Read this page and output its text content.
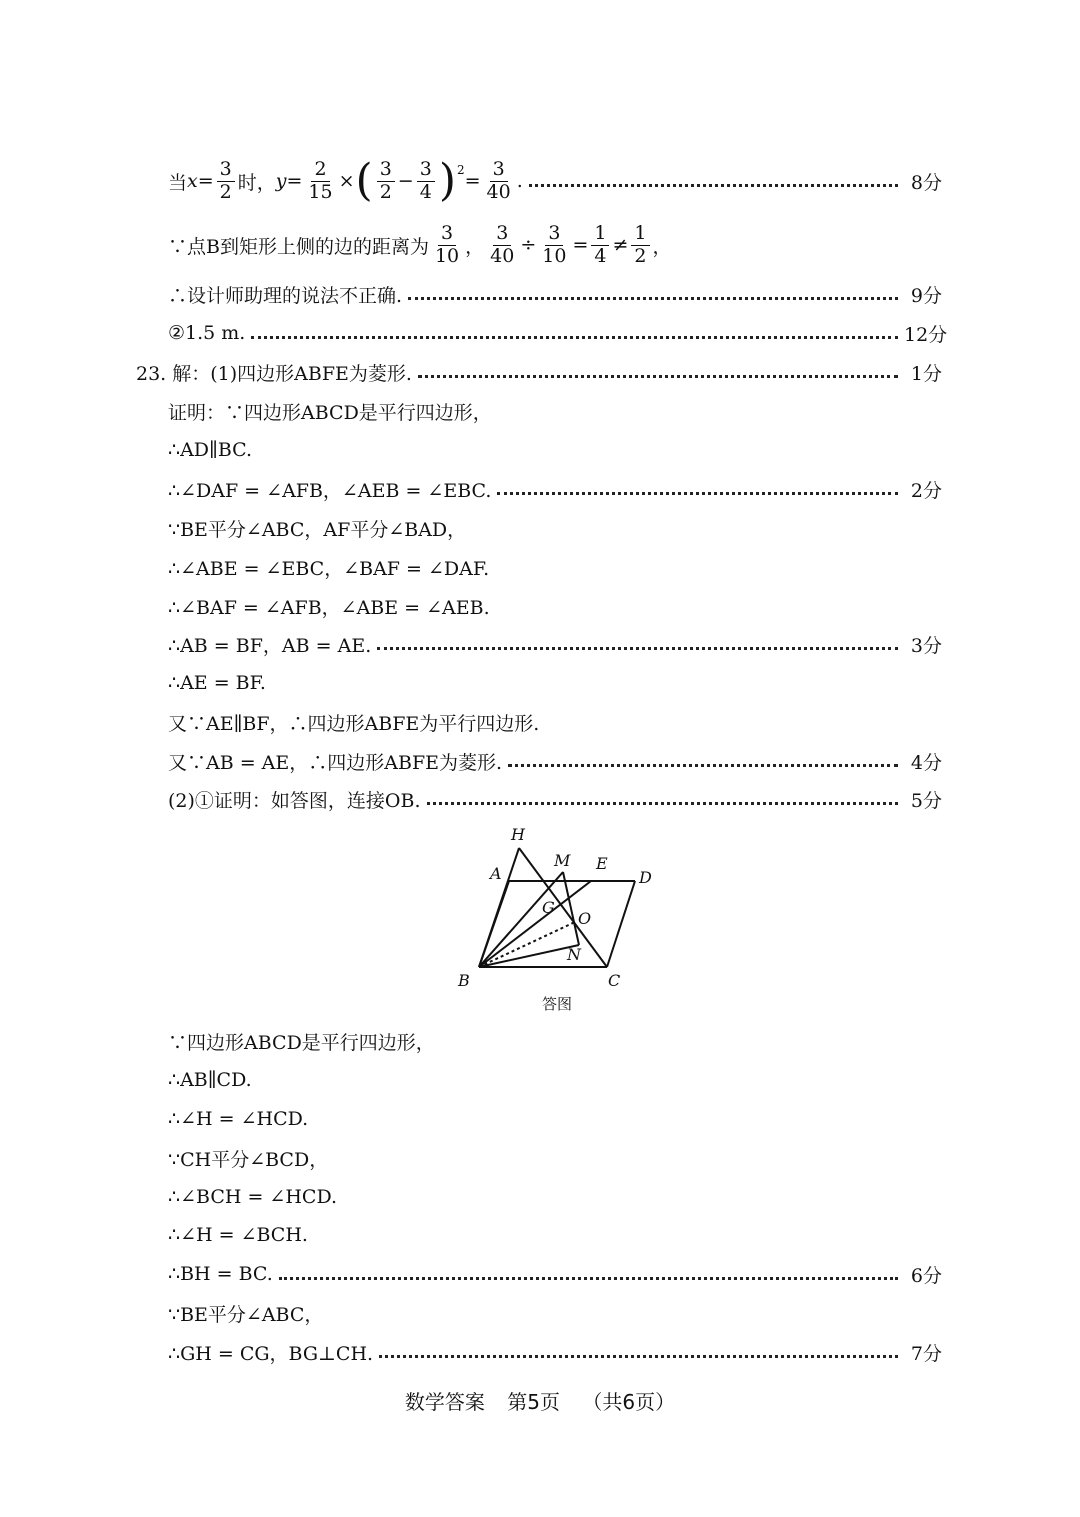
当 $x = \frac{3}{2}$ 时， $y = \frac{2}{15}$ × ( $\frac{3}{2} - \frac{3}{4}$ ) 2
= $\frac{3}{40}$ .	8分
∵点B到矩形上侧的边的距离为 $\frac{3}{10}$ ， $\frac{3}{40} \div \frac{3}{10} = \frac{1}{4} \ne \frac{1}{2}$ ，
∴设计师助理的说法不正确.	9分
②1.5 m.	12分
23. 解：(1)四边形ABFE为菱形.	1分
证明：∵四边形ABCD是平行四边形，
∴AD∥BC.
∴∠DAF = ∠AFB，∠AEB = ∠EBC.	2分
∵BE平分∠ABC，AF平分∠BAD，
∴∠ABE = ∠EBC，∠BAF = ∠DAF.
∴∠BAF = ∠AFB，∠ABE = ∠AEB.
∴AB = BF，AB = AE.	3分
∴AE = BF.
又∵AE∥BF，∴四边形ABFE为平行四边形.
又∵AB = AE，∴四边形ABFE为菱形.	4分
(2)①证明：如答图，连接OB.	5分
H
M E
A	D
G
O
N
B	C
答图
∵四边形ABCD是平行四边形，
∴AB∥CD.
∴∠H = ∠HCD.
∵CH平分∠BCD，
∴∠BCH = ∠HCD.
∴∠H = ∠BCH.
∴BH = BC.	6分
∵BE平分∠ABC，
∴GH = CG，BG⊥CH.	7分
数学答案 第5页 （共6页）
